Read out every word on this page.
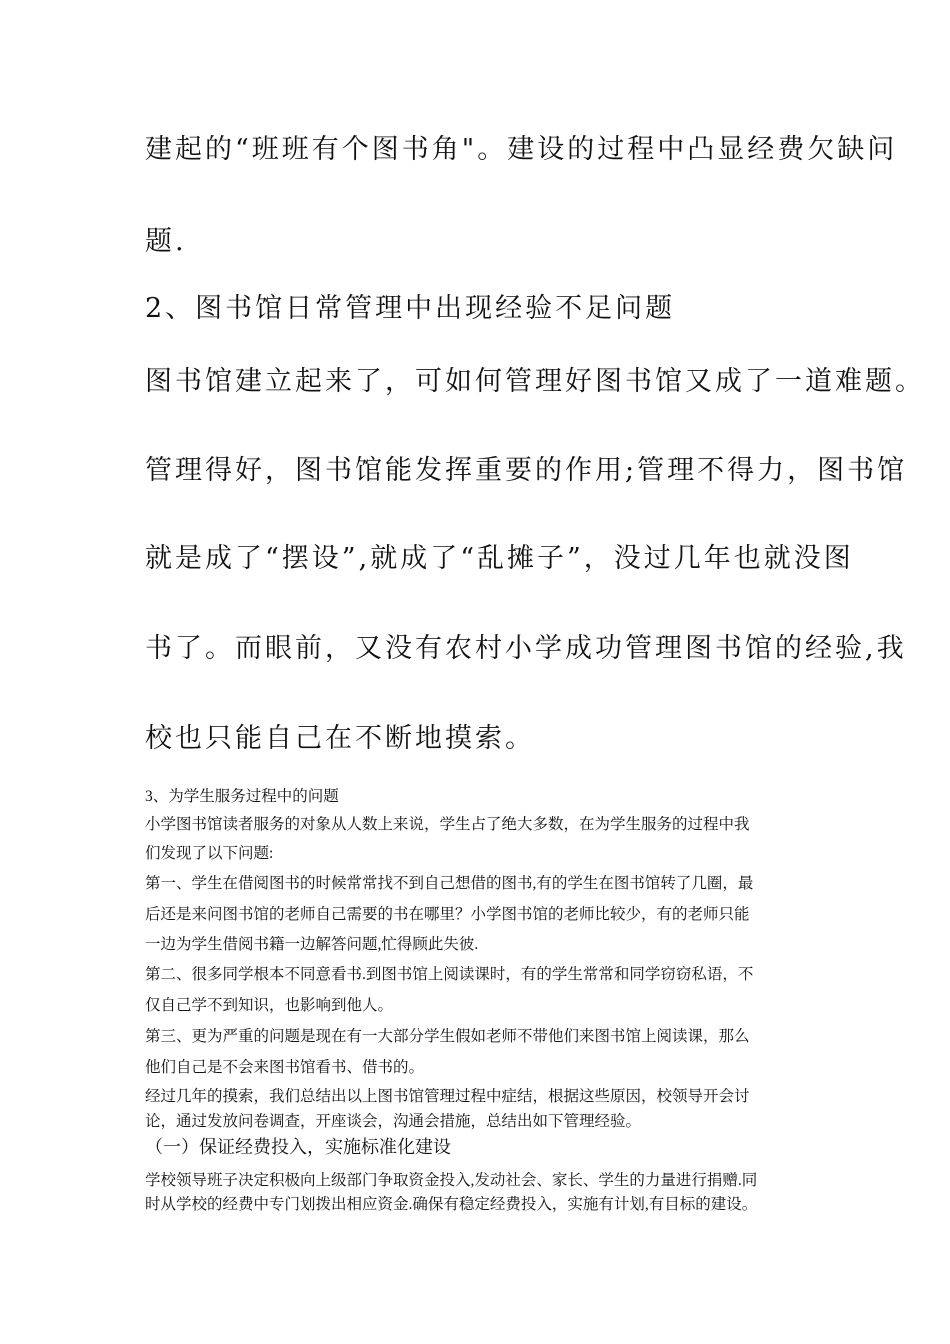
建起的“班班有个图书角"。建设的过程中凸显经费欠缺问
题.
2、图书馆日常管理中出现经验不足问题
图书馆建立起来了，可如何管理好图书馆又成了一道难题。
管理得好，图书馆能发挥重要的作用;管理不得力，图书馆
就是成了“摆设”,就成了“乱摊子”，没过几年也就没图
书了。而眼前，又没有农村小学成功管理图书馆的经验,我
校也只能自己在不断地摸索。
3、为学生服务过程中的问题
小学图书馆读者服务的对象从人数上来说，学生占了绝大多数，在为学生服务的过程中我
们发现了以下问题:
第一、学生在借阅图书的时候常常找不到自己想借的图书,有的学生在图书馆转了几圈，最
后还是来问图书馆的老师自己需要的书在哪里？小学图书馆的老师比较少，有的老师只能
一边为学生借阅书籍一边解答问题,忙得顾此失彼.
第二、很多同学根本不同意看书.到图书馆上阅读课时，有的学生常常和同学窃窃私语，不
仅自己学不到知识，也影响到他人。
第三、更为严重的问题是现在有一大部分学生假如老师不带他们来图书馆上阅读课，那么
他们自己是不会来图书馆看书、借书的。
经过几年的摸索，我们总结出以上图书馆管理过程中症结，根据这些原因，校领导开会讨
论，通过发放问卷调查，开座谈会，沟通会措施，总结出如下管理经验。
（一）保证经费投入，实施标准化建设
学校领导班子决定积极向上级部门争取资金投入,发动社会、家长、学生的力量进行捐赠.同
时从学校的经费中专门划拨出相应资金.确保有稳定经费投入，实施有计划,有目标的建设。
